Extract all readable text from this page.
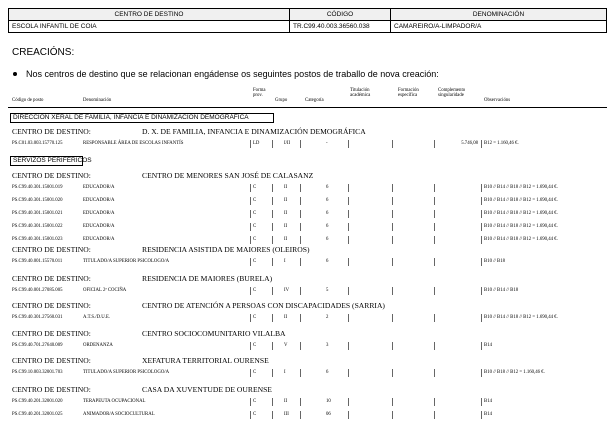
CENTRO DE DESTINO	CÓDIGO	DENOMINACIÓN
ESCOLA INFANTIL DE COIA	TR.C99.40.003.36560.038	CAMAREIRO/A-LIMPADOR/A
CREACIÓNS:
Nos centros de destino que se relacionan engádense os seguintes postos de traballo de nova creación:
Código de posto	Denominación
Forma prov.
Grupo	Categoría
Titulación académica
Formación específica
Complemento singularidade
Observacións
DIRECCIÓN XERAL DE FAMILIA, INFANCIA E DINAMIZACIÓN DEMOGRÁFICA
CENTRO DE DESTINO:	D. X. DE FAMILIA, INFANCIA E DINAMIZACIÓN DEMOGRÁFICA
PS.C01.03.003.15770.125	RESPONSABLE ÁREA DE ESCOLAS INFANTÍS	LD	I/II	-	5.746,08 B12 = 1.160,46 €.
SERVIZOS PERIFÉRICOS
CENTRO DE DESTINO:	CENTRO DE MENORES SAN JOSÉ DE CALASANZ
PS.C99.40.301.15001.019	EDUCADOR/A	C	II	6	B10 // B14 // B18 // B12 = 1.690,44 €.
PS.C99.40.301.15001.020	EDUCADOR/A	C	II	6	B10 // B14 // B18 // B12 = 1.690,44 €.
PS.C99.40.301.15001.021	EDUCADOR/A	C	II	6	B10 // B14 // B18 // B12 = 1.690,44 €.
PS.C99.40.301.15001.022	EDUCADOR/A	C	II	6	B10 // B14 // B18 // B12 = 1.690,44 €.
PS.C99.40.301.15001.023	EDUCADOR/A	C	II	6	B10 // B14 // B18 // B12 = 1.690,44 €.
CENTRO DE DESTINO:	RESIDENCIA ASISTIDA DE MAIORES (OLEIROS)
PS.C99.40.001.15570.011	TITULADO/A SUPERIOR PSICOLOGO/A	C	I	6	B10 // B18
CENTRO DE DESTINO:	RESIDENCIA DE MAIORES (BURELA)
PS.C99.40.001.27085.005	OFICIAL 2ª COCIÑA	C	IV	5	B10 // B14 // B18
CENTRO DE DESTINO:	CENTRO DE ATENCIÓN A PERSOAS CON DISCAPACIDADES (SARRIA)
PS.C99.40.301.27560.031	A.T.S./D.U.E.	C	II	2	B10 // B14 // B18 // B12 = 1.690,44 €.
CENTRO DE DESTINO:	CENTRO SOCIOCOMUNITARIO VILALBA
PS.C99.40.701.27640.009	ORDENANZA	C	V	3	B14
CENTRO DE DESTINO:	XEFATURA TERRITORIAL OURENSE
PS.C99.10.003.32001.703	TITULADO/A SUPERIOR PSICOLOGO/A	C	I	6	B10 // B18 // B12 = 1.160,46 €.
CENTRO DE DESTINO:	CASA DA XUVENTUDE DE OURENSE
PS.C99.40.201.32001.020	TERAPEUTA OCUPACIONAL	C	II	10	B14
PS.C99.40.201.32001.025	ANIMADOR/A SOCIOCULTURAL	C	III	06	B14
